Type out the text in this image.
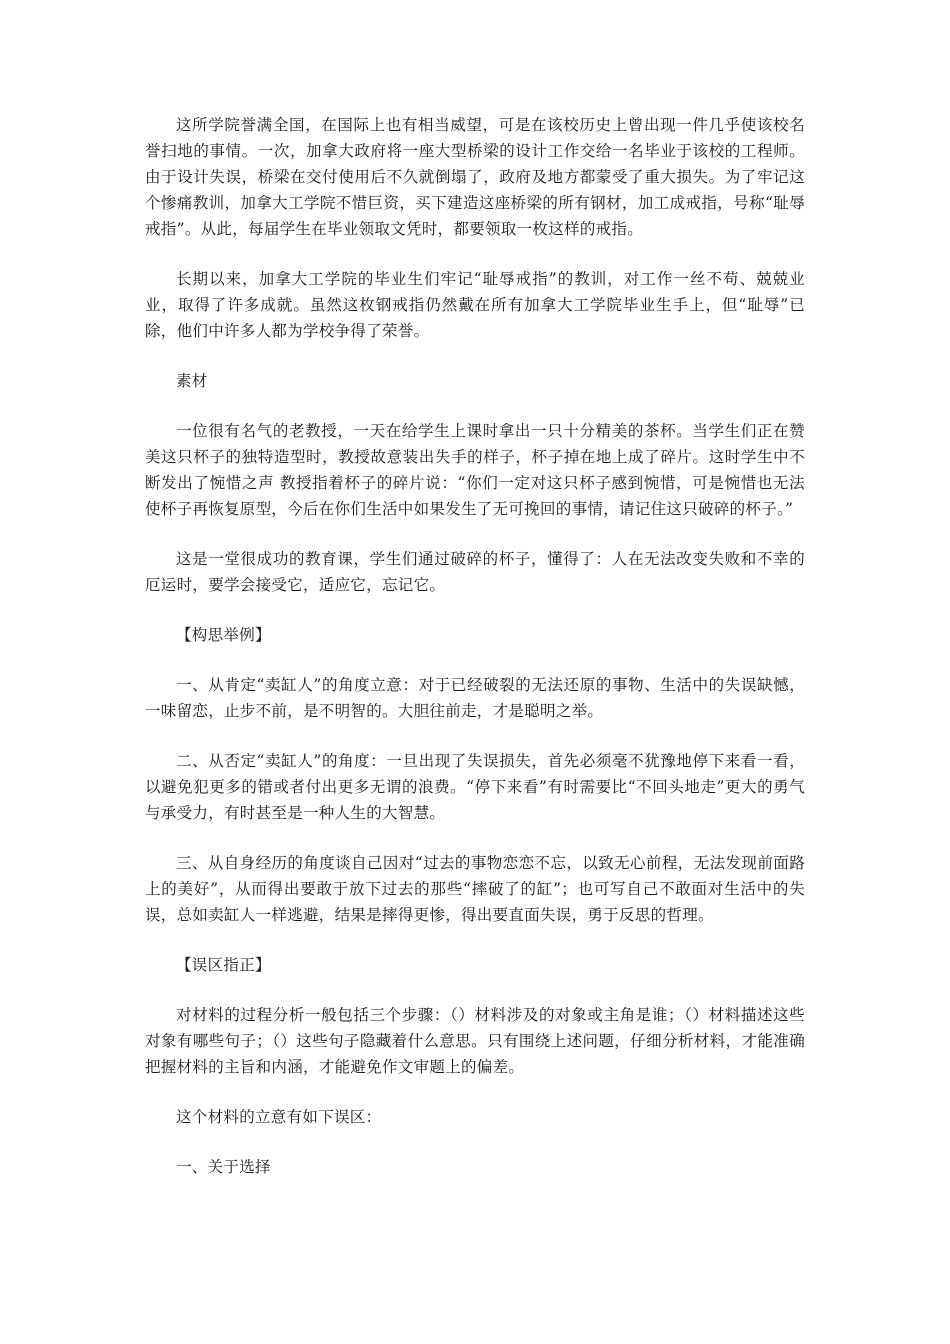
这所学院誉满全国，在国际上也有相当威望，可是在该校历史上曾出现一件几乎使该校名誉扫地的事情。一次，加拿大政府将一座大型桥梁的设计工作交给一名毕业于该校的工程师。由于设计失误，桥梁在交付使用后不久就倒塌了，政府及地方都蒙受了重大损失。为了牢记这个惨痛教训，加拿大工学院不惜巨资，买下建造这座桥梁的所有钢材，加工成戒指，号称“耻辱戒指”。从此，每届学生在毕业领取文凭时，都要领取一枚这样的戒指。

长期以来，加拿大工学院的毕业生们牢记“耻辱戒指”的教训，对工作一丝不苟、兢兢业业，取得了许多成就。虽然这枚钢戒指仍然戴在所有加拿大工学院毕业生手上，但“耻辱”已除，他们中许多人都为学校争得了荣誉。

素材

一位很有名气的老教授，一天在给学生上课时拿出一只十分精美的茶杯。当学生们正在赞美这只杯子的独特造型时，教授故意装出失手的样子，杯子掉在地上成了碎片。这时学生中不断发出了惋惜之声 教授指着杯子的碎片说：“你们一定对这只杯子感到惋惜，可是惋惜也无法使杯子再恢复原型，今后在你们生活中如果发生了无可挽回的事情，请记住这只破碎的杯子。”

这是一堂很成功的教育课，学生们通过破碎的杯子，懂得了：人在无法改变失败和不幸的厄运时，要学会接受它，适应它，忘记它。

【构思举例】

一、从肯定“卖缸人”的角度立意：对于已经破裂的无法还原的事物、生活中的失误缺憾，一味留恋，止步不前，是不明智的。大胆往前走，才是聪明之举。

二、从否定“卖缸人”的角度：一旦出现了失误损失，首先必须毫不犹豫地停下来看一看，以避免犯更多的错或者付出更多无谓的浪费。“停下来看”有时需要比“不回头地走”更大的勇气与承受力，有时甚至是一种人生的大智慧。

三、从自身经历的角度谈自己因对“过去的事物恋恋不忘，以致无心前程，无法发现前面路上的美好”，从而得出要敢于放下过去的那些“摔破了的缸”；也可写自己不敢面对生活中的失误，总如卖缸人一样逃避，结果是摔得更惨，得出要直面失误，勇于反思的哲理。

【误区指正】

对材料的过程分析一般包括三个步骤：（）材料涉及的对象或主角是谁；（）材料描述这些对象有哪些句子；（）这些句子隐藏着什么意思。只有围绕上述问题，仔细分析材料，才能准确把握材料的主旨和内涵，才能避免作文审题上的偏差。

这个材料的立意有如下误区：

一、关于选择
